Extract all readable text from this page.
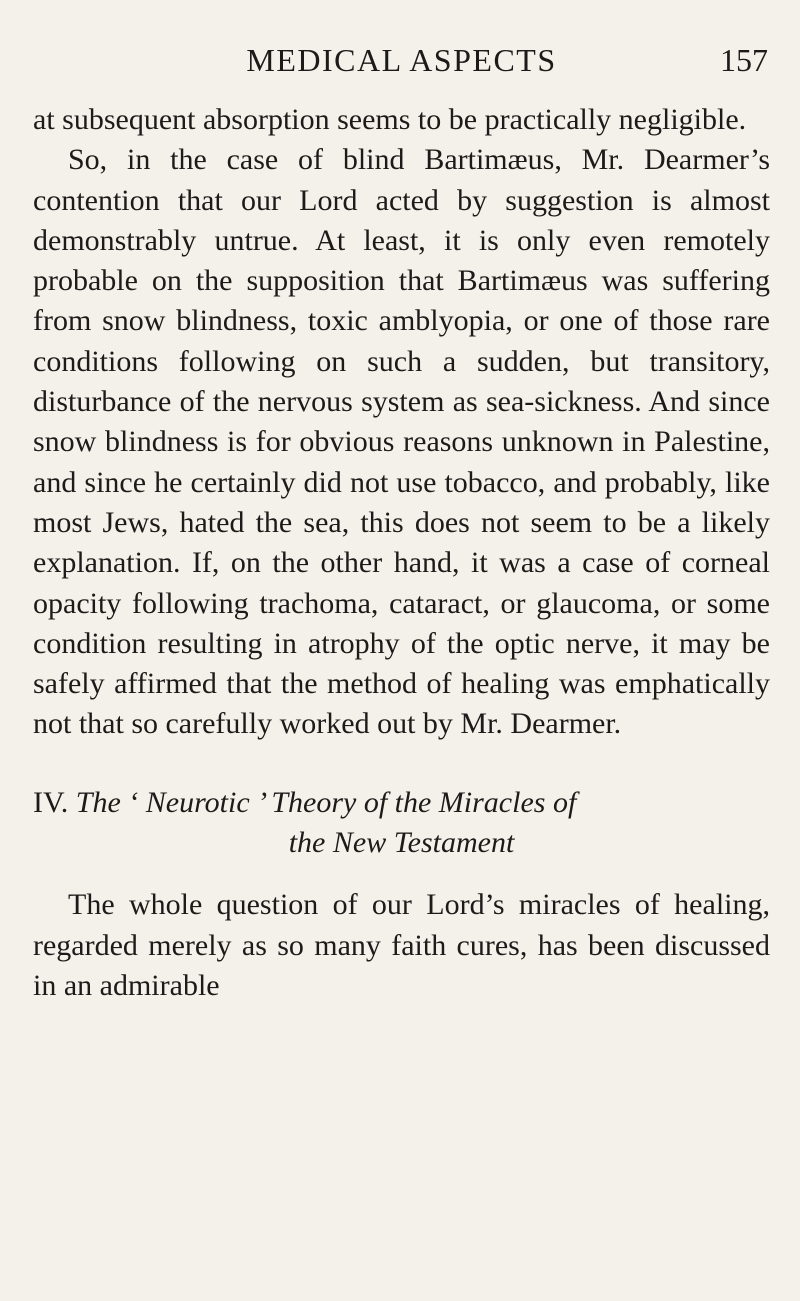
MEDICAL ASPECTS	157

at subsequent absorption seems to be practically negligible.

So, in the case of blind Bartimæus, Mr. Dearmer’s contention that our Lord acted by suggestion is almost demonstrably untrue. At least, it is only even remotely probable on the supposition that Bartimæus was suffering from snow blindness, toxic amblyopia, or one of those rare conditions following on such a sudden, but transitory, disturbance of the nervous system as sea-sickness. And since snow blindness is for obvious reasons unknown in Palestine, and since he certainly did not use tobacco, and probably, like most Jews, hated the sea, this does not seem to be a likely explanation. If, on the other hand, it was a case of corneal opacity following trachoma, cataract, or glaucoma, or some condition resulting in atrophy of the optic nerve, it may be safely affirmed that the method of healing was emphatically not that so carefully worked out by Mr. Dearmer.

IV. The ‘ Neurotic ’ Theory of the Miracles of
the New Testament

The whole question of our Lord’s miracles of healing, regarded merely as so many faith cures, has been discussed in an admirable
